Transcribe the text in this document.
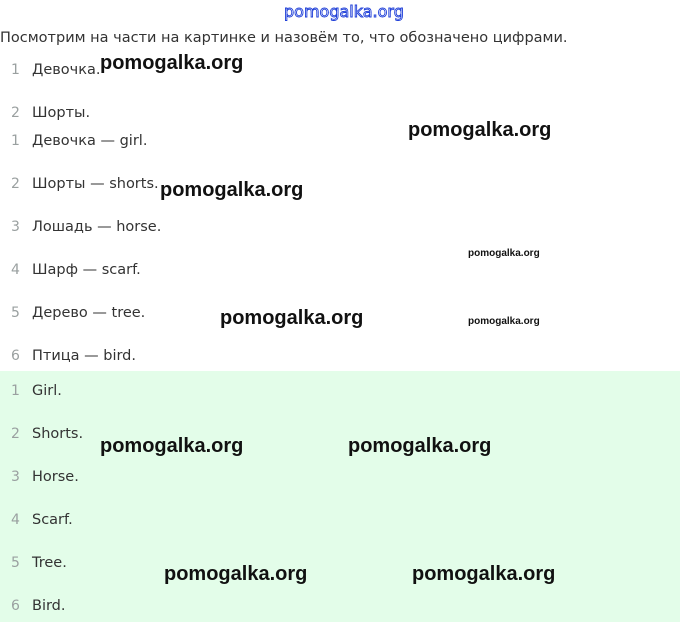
pomogalka.org
Посмотрим на части на картинке и назовём то, что обозначено цифрами.
1 Девочка.
2 Шорты.
1 Девочка — girl.
2 Шорты — shorts.
3 Лошадь — horse.
4 Шарф — scarf.
5 Дерево — tree.
6 Птица — bird.
1 Girl.
2 Shorts.
3 Horse.
4 Scarf.
5 Tree.
6 Bird.
pomogalka.org
pomogalka.org
pomogalka.org
pomogalka.org
pomogalka.org	pomogalka.org
pomogalka.org	pomogalka.org
pomogalka.org	pomogalka.org
